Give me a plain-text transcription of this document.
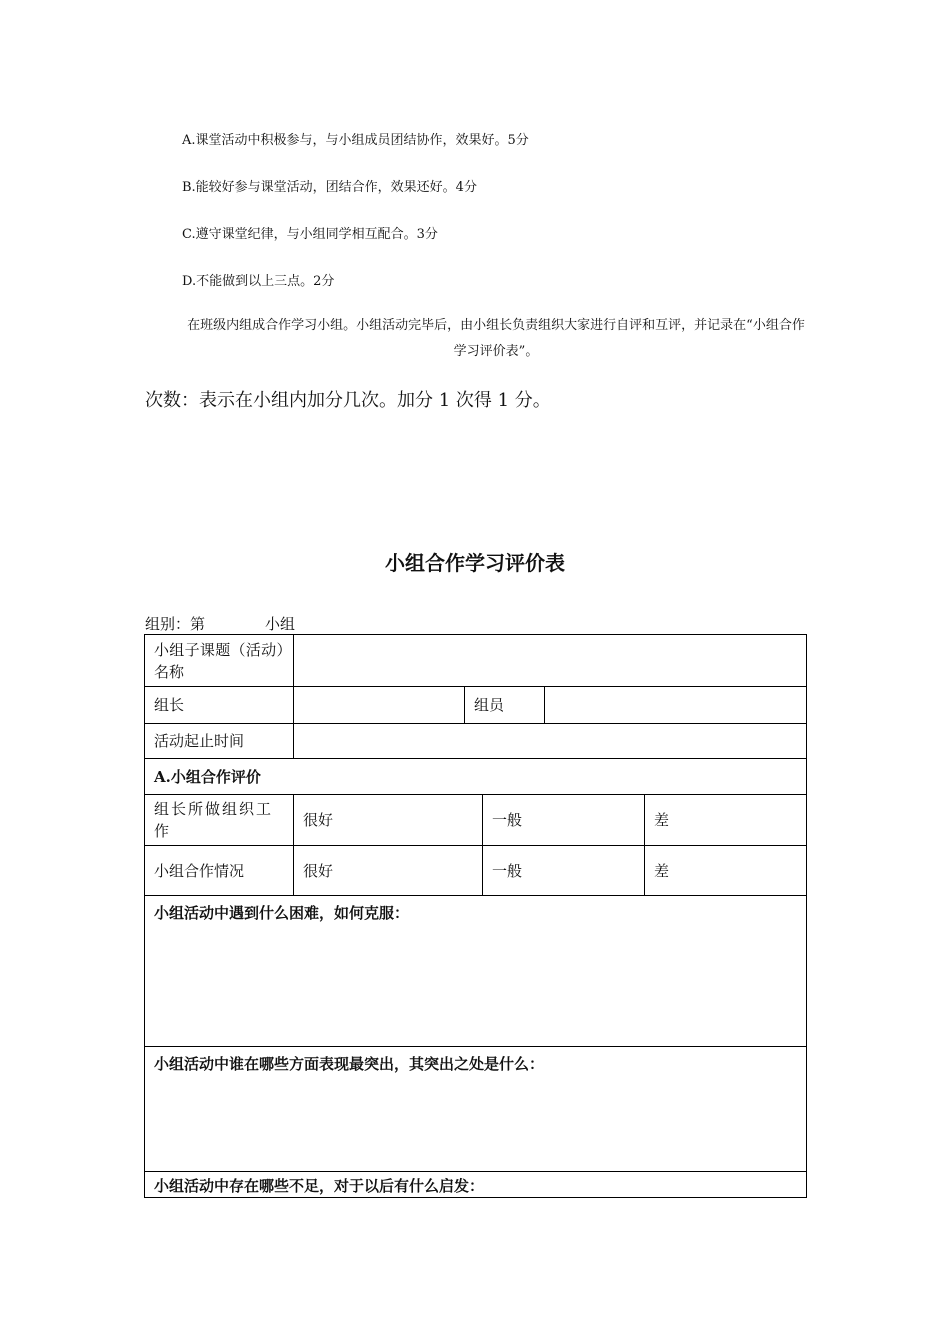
A.课堂活动中积极参与，与小组成员团结协作，效果好。5分
B.能较好参与课堂活动，团结合作，效果还好。4分
C.遵守课堂纪律，与小组同学相互配合。3分
D.不能做到以上三点。2分
在班级内组成合作学习小组。小组活动完毕后，由小组长负责组织大家进行自评和互评，并记录在“小组合作学习评价表”。
次数：表示在小组内加分几次。加分 1 次得 1 分。
小组合作学习评价表
组别：第	小组
小组子课题（活动）名称					
组长		组员			
活动起止时间					
A.小组合作评价					
组长所做组织工作	很好		一般		差
小组合作情况	很好		一般		差
小组活动中遇到什么困难，如何克服：					
小组活动中谁在哪些方面表现最突出，其突出之处是什么：					
小组活动中存在哪些不足，对于以后有什么启发：					
